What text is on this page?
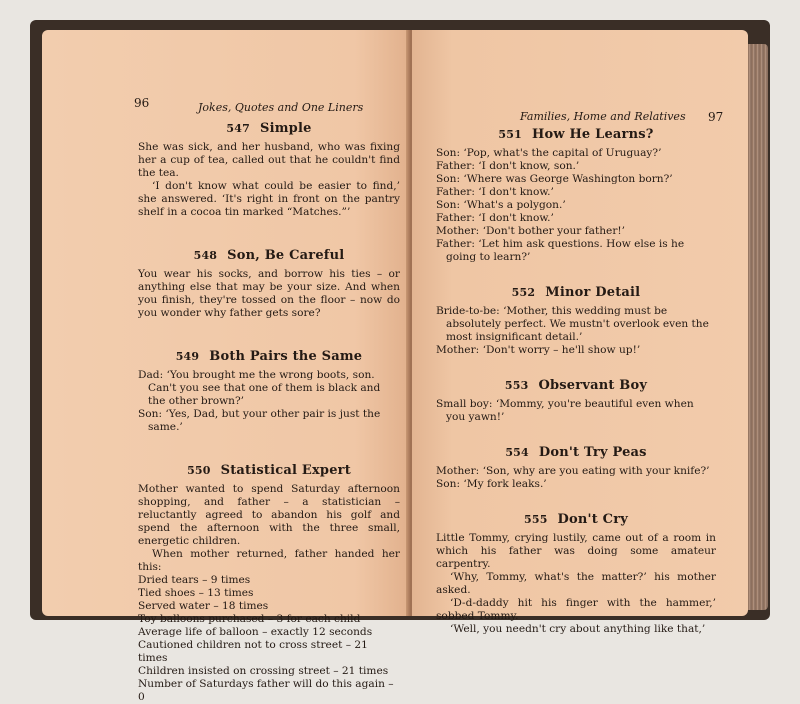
96	Jokes, Quotes and One Liners
547 Simple

She was sick, and her husband, who was fixing her a cup of tea, called out that he couldn't find the tea.

‘I don't know what could be easier to find,’ she answered. ‘It's right in front on the pantry shelf in a cocoa tin marked “Matches.”’

548 Son, Be Careful

You wear his socks, and borrow his ties – or anything else that may be your size. And when you finish, they're tossed on the floor – now do you wonder why father gets sore?

549 Both Pairs the Same

Dad: ‘You brought me the wrong boots, son. Can't you see that one of them is black and the other brown?’

Son: ‘Yes, Dad, but your other pair is just the same.’

550 Statistical Expert

Mother wanted to spend Saturday afternoon shopping, and father – a statistician – reluctantly agreed to abandon his golf and spend the afternoon with the three small, energetic children.

When mother returned, father handed her this:

Dried tears – 9 times

Tied shoes – 13 times

Served water – 18 times

Toy balloons purchased – 3 for each child

Average life of balloon – exactly 12 seconds

Cautioned children not to cross street – 21 times

Children insisted on crossing street – 21 times

Number of Saturdays father will do this again – 0

Families, Home and Relatives 97
551 How He Learns?

Son: ‘Pop, what's the capital of Uruguay?’

Father: ‘I don't know, son.’

Son: ‘Where was George Washington born?’

Father: ‘I don't know.’

Son: ‘What's a polygon.’

Father: ‘I don't know.’

Mother: ‘Don't bother your father!’

Father: ‘Let him ask questions. How else is he going to learn?’

552 Minor Detail

Bride-to-be: ‘Mother, this wedding must be absolutely perfect. We mustn't overlook even the most insignificant detail.’

Mother: ‘Don't worry – he'll show up!’

553 Observant Boy

Small boy: ‘Mommy, you're beautiful even when you yawn!’

554 Don't Try Peas

Mother: ‘Son, why are you eating with your knife?’

Son: ‘My fork leaks.’

555 Don't Cry

Little Tommy, crying lustily, came out of a room in which his father was doing some amateur carpentry.

‘Why, Tommy, what's the matter?’ his mother asked.

‘D-d-daddy hit his finger with the hammer,’ sobbed Tommy.

‘Well, you needn't cry about anything like that,’
